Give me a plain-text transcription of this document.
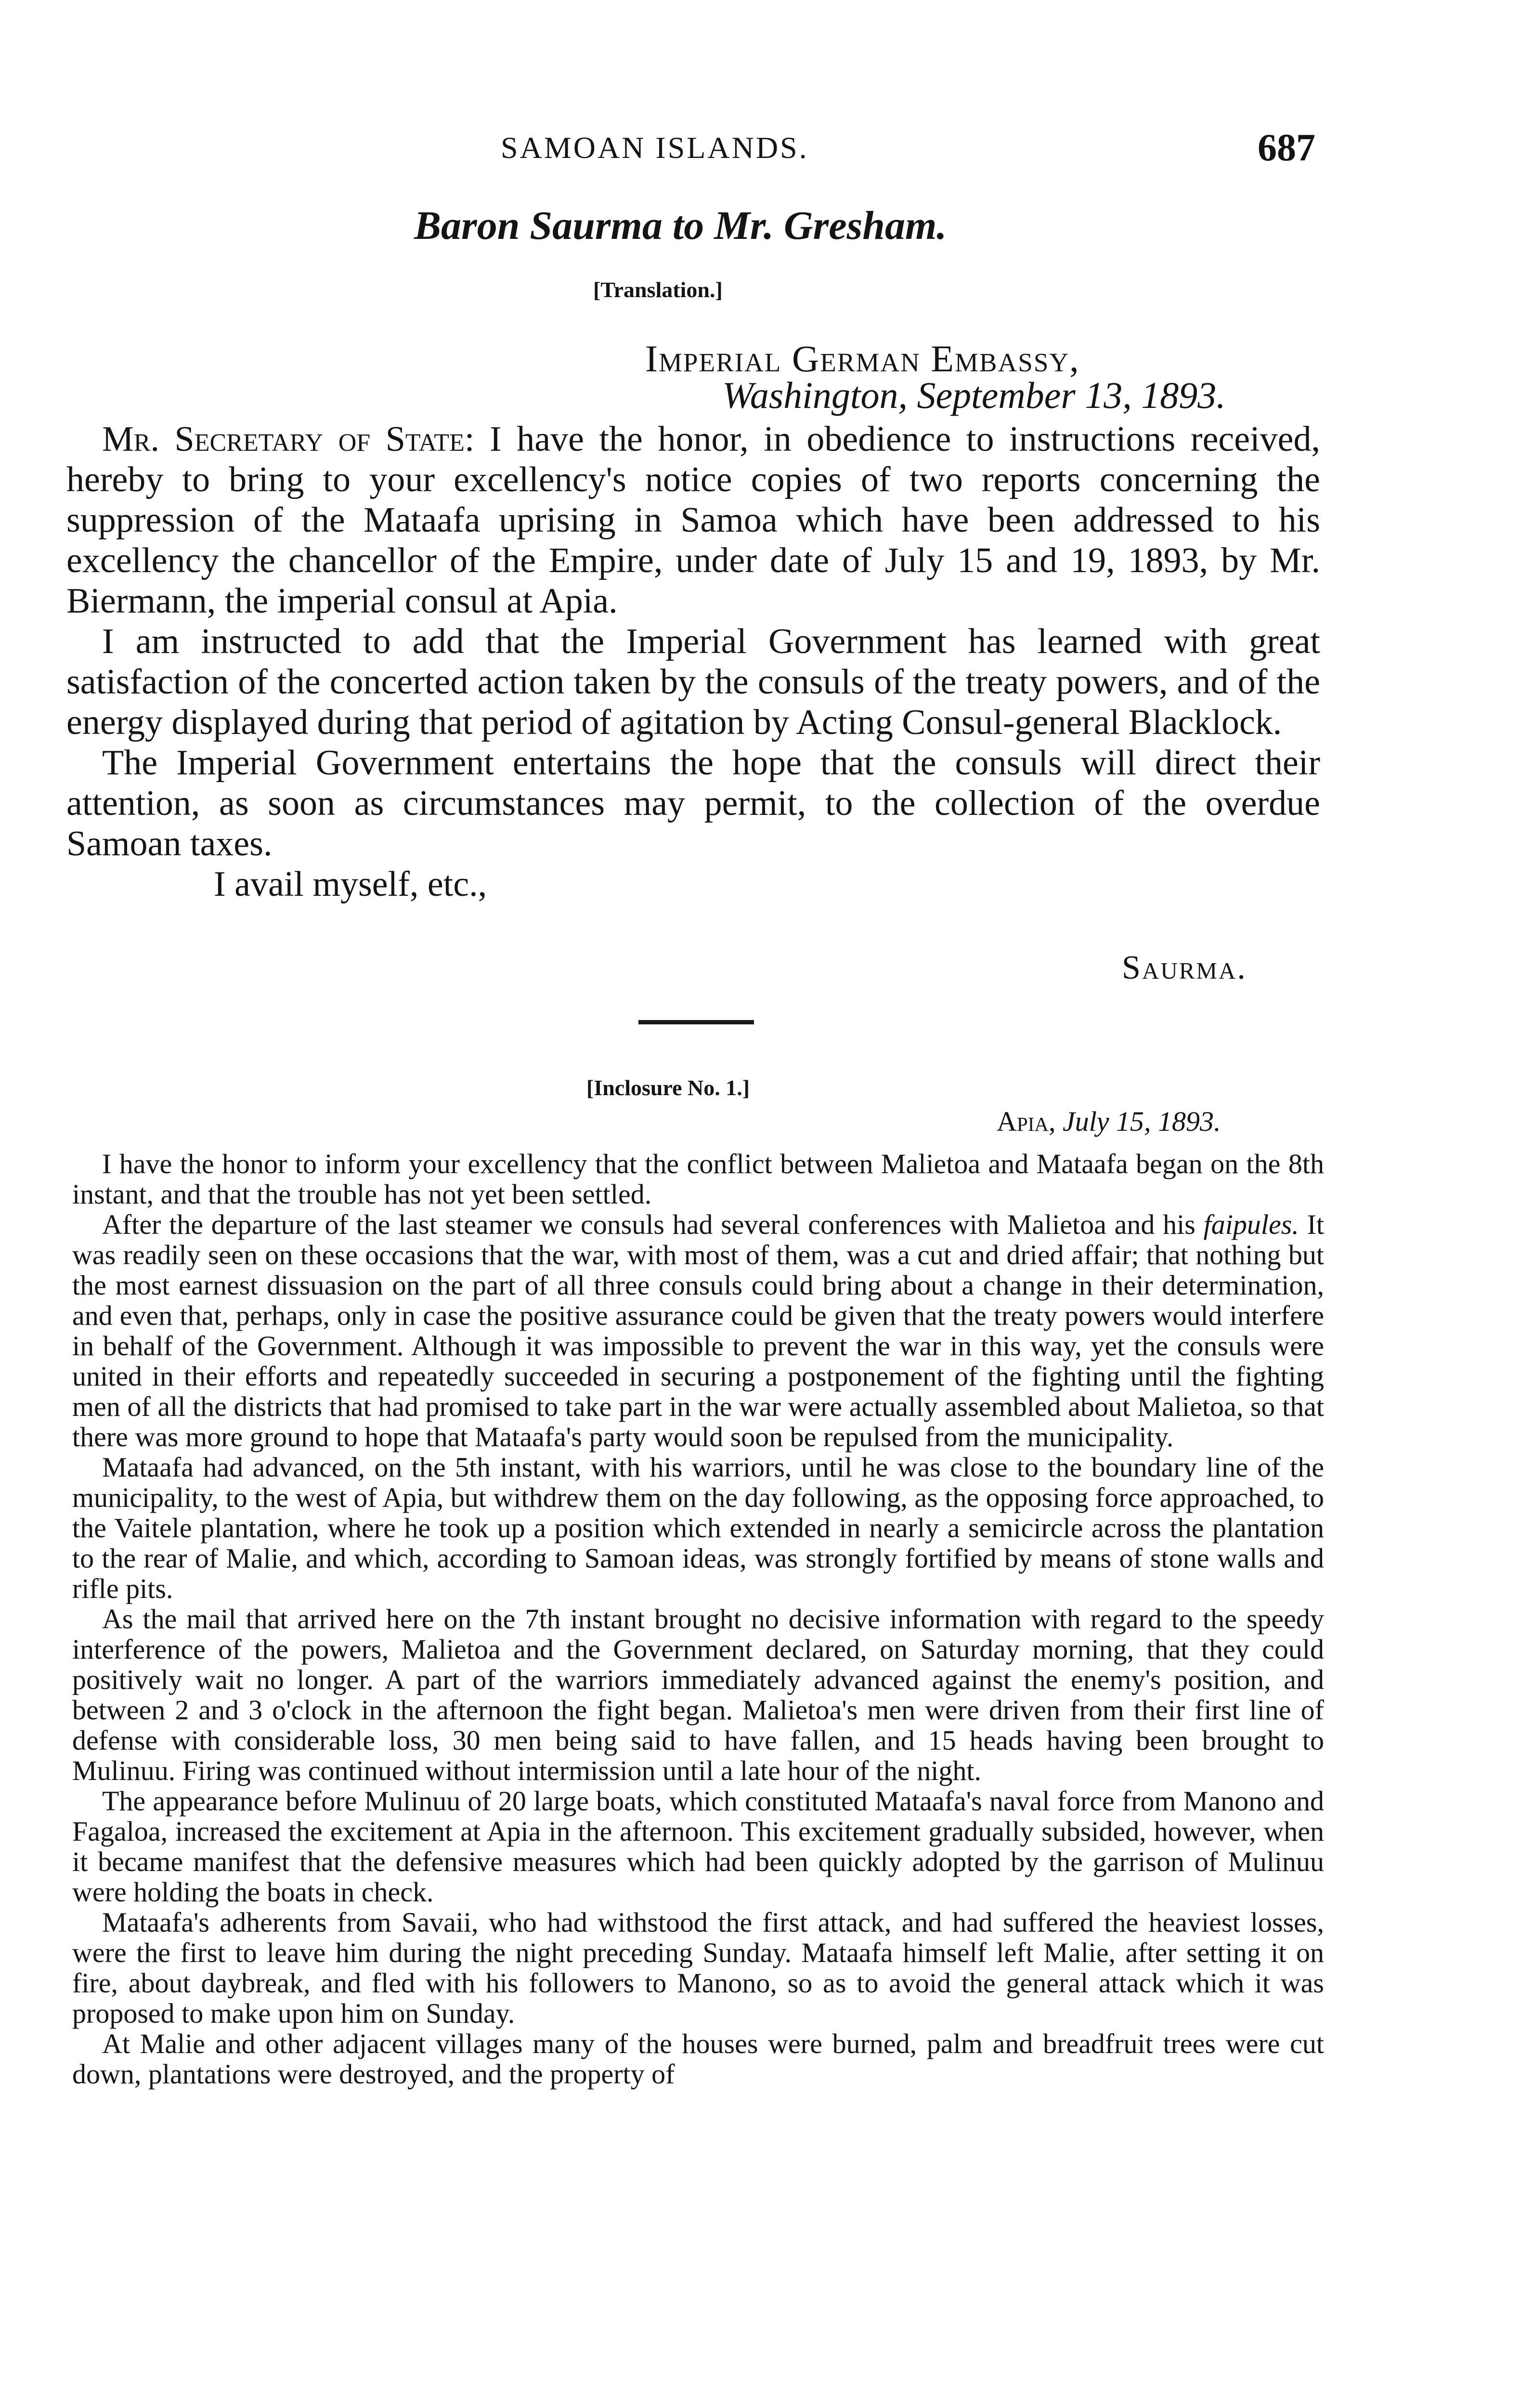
SAMOAN ISLANDS.	687
Baron Saurma to Mr. Gresham.
[Translation.]
Imperial German Embassy,
Washington, September 13, 1893.

Mr. Secretary of State: I have the honor, in obedience to instructions received, hereby to bring to your excellency's notice copies of two reports concerning the suppression of the Mataafa uprising in Samoa which have been addressed to his excellency the chancellor of the Empire, under date of July 15 and 19, 1893, by Mr. Biermann, the imperial consul at Apia.

I am instructed to add that the Imperial Government has learned with great satisfaction of the concerted action taken by the consuls of the treaty powers, and of the energy displayed during that period of agitation by Acting Consul-general Blacklock.

The Imperial Government entertains the hope that the consuls will direct their attention, as soon as circumstances may permit, to the collection of the overdue Samoan taxes.

I avail myself, etc.,

Saurma.
[Inclosure No. 1.]
Apia, July 15, 1893.

I have the honor to inform your excellency that the conflict between Malietoa and Mataafa began on the 8th instant, and that the trouble has not yet been settled.

After the departure of the last steamer we consuls had several conferences with Malietoa and his faipules. It was readily seen on these occasions that the war, with most of them, was a cut and dried affair; that nothing but the most earnest dissuasion on the part of all three consuls could bring about a change in their determination, and even that, perhaps, only in case the positive assurance could be given that the treaty powers would interfere in behalf of the Government. Although it was impossible to prevent the war in this way, yet the consuls were united in their efforts and repeatedly succeeded in securing a postponement of the fighting until the fighting men of all the districts that had promised to take part in the war were actually assembled about Malietoa, so that there was more ground to hope that Mataafa's party would soon be repulsed from the municipality.

Mataafa had advanced, on the 5th instant, with his warriors, until he was close to the boundary line of the municipality, to the west of Apia, but withdrew them on the day following, as the opposing force approached, to the Vaitele plantation, where he took up a position which extended in nearly a semicircle across the plantation to the rear of Malie, and which, according to Samoan ideas, was strongly fortified by means of stone walls and rifle pits.

As the mail that arrived here on the 7th instant brought no decisive information with regard to the speedy interference of the powers, Malietoa and the Government declared, on Saturday morning, that they could positively wait no longer. A part of the warriors immediately advanced against the enemy's position, and between 2 and 3 o'clock in the afternoon the fight began. Malietoa's men were driven from their first line of defense with considerable loss, 30 men being said to have fallen, and 15 heads having been brought to Mulinuu. Firing was continued without intermission until a late hour of the night.

The appearance before Mulinuu of 20 large boats, which constituted Mataafa's naval force from Manono and Fagaloa, increased the excitement at Apia in the afternoon. This excitement gradually subsided, however, when it became manifest that the defensive measures which had been quickly adopted by the garrison of Mulinuu were holding the boats in check.

Mataafa's adherents from Savaii, who had withstood the first attack, and had suffered the heaviest losses, were the first to leave him during the night preceding Sunday. Mataafa himself left Malie, after setting it on fire, about daybreak, and fled with his followers to Manono, so as to avoid the general attack which it was proposed to make upon him on Sunday.

At Malie and other adjacent villages many of the houses were burned, palm and breadfruit trees were cut down, plantations were destroyed, and the property of
